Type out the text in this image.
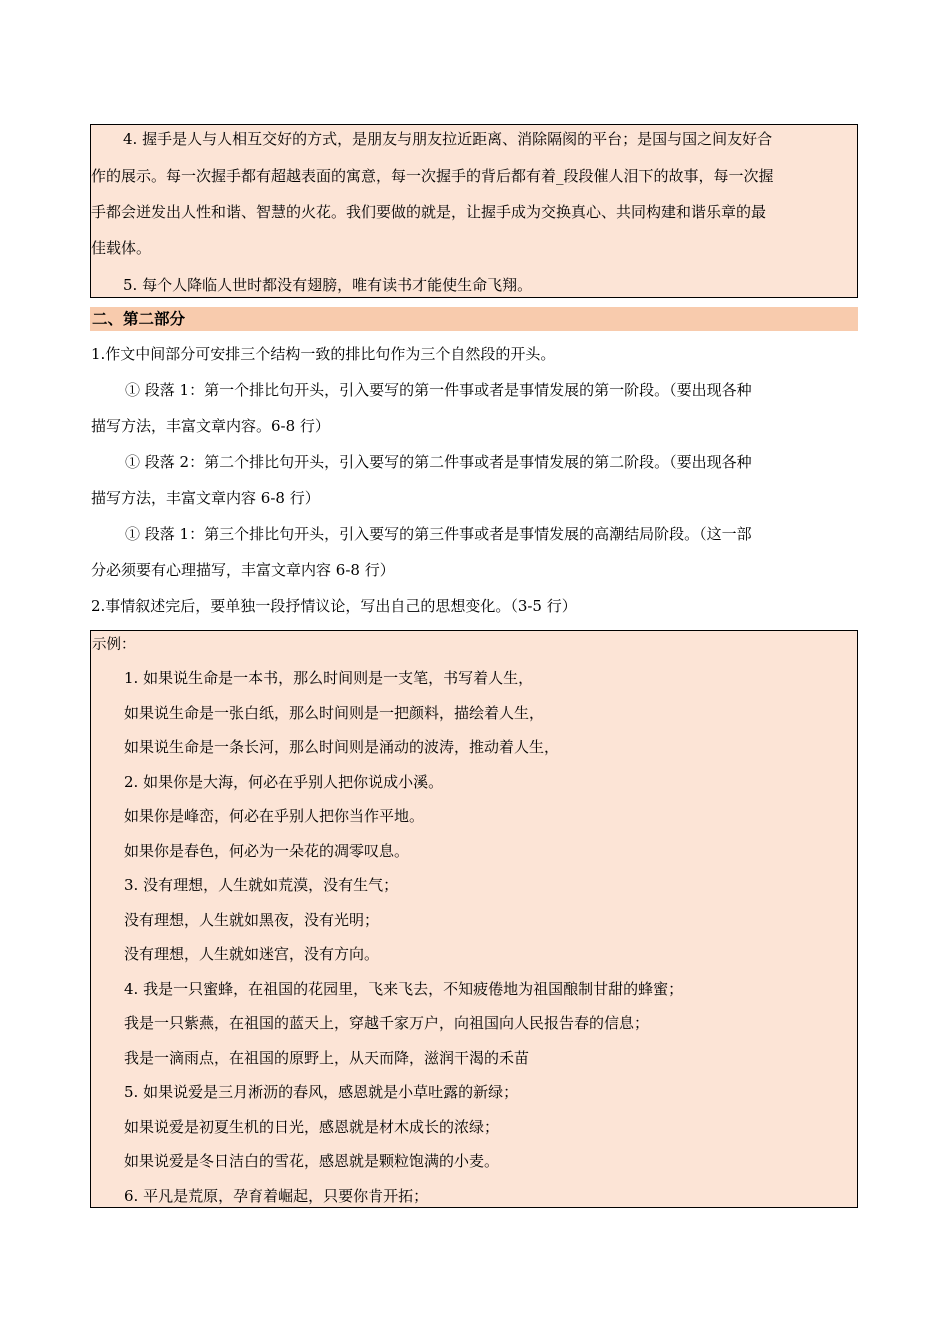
4. 握手是人与人相互交好的方式，是朋友与朋友拉近距离、消除隔阂的平台；是国与国之间友好合
作的展示。每一次握手都有超越表面的寓意，每一次握手的背后都有着_段段催人泪下的故事，每一次握
手都会迸发出人性和谐、智慧的火花。我们要做的就是，让握手成为交换真心、共同构建和谐乐章的最
佳载体。
5. 每个人降临人世时都没有翅膀，唯有读书才能使生命飞翔。
二、第二部分
1.作文中间部分可安排三个结构一致的排比句作为三个自然段的开头。
① 段落 1：第一个排比句开头，引入要写的第一件事或者是事情发展的第一阶段。（要出现各种
描写方法，丰富文章内容。6-8 行）
① 段落 2：第二个排比句开头，引入要写的第二件事或者是事情发展的第二阶段。（要出现各种
描写方法，丰富文章内容 6-8 行）
① 段落 1：第三个排比句开头，引入要写的第三件事或者是事情发展的高潮结局阶段。（这一部
分必须要有心理描写，丰富文章内容 6-8 行）
2.事情叙述完后，要单独一段抒情议论，写出自己的思想变化。（3-5 行）
示例：
1. 如果说生命是一本书，那么时间则是一支笔，书写着人生，
如果说生命是一张白纸，那么时间则是一把颜料，描绘着人生，
如果说生命是一条长河，那么时间则是涌动的波涛，推动着人生，
2. 如果你是大海，何必在乎别人把你说成小溪。
如果你是峰峦，何必在乎别人把你当作平地。
如果你是春色，何必为一朵花的凋零叹息。
3. 没有理想，人生就如荒漠，没有生气；
没有理想，人生就如黑夜，没有光明；
没有理想，人生就如迷宫，没有方向。
4. 我是一只蜜蜂，在祖国的花园里，飞来飞去，不知疲倦地为祖国酿制甘甜的蜂蜜；
我是一只紫燕，在祖国的蓝天上，穿越千家万户，向祖国向人民报告春的信息；
我是一滴雨点，在祖国的原野上，从天而降，滋润干渴的禾苗
5. 如果说爱是三月淅沥的春风，感恩就是小草吐露的新绿；
如果说爱是初夏生机的日光，感恩就是材木成长的浓绿；
如果说爱是冬日洁白的雪花，感恩就是颗粒饱满的小麦。
6. 平凡是荒原，孕育着崛起，只要你肯开拓；
